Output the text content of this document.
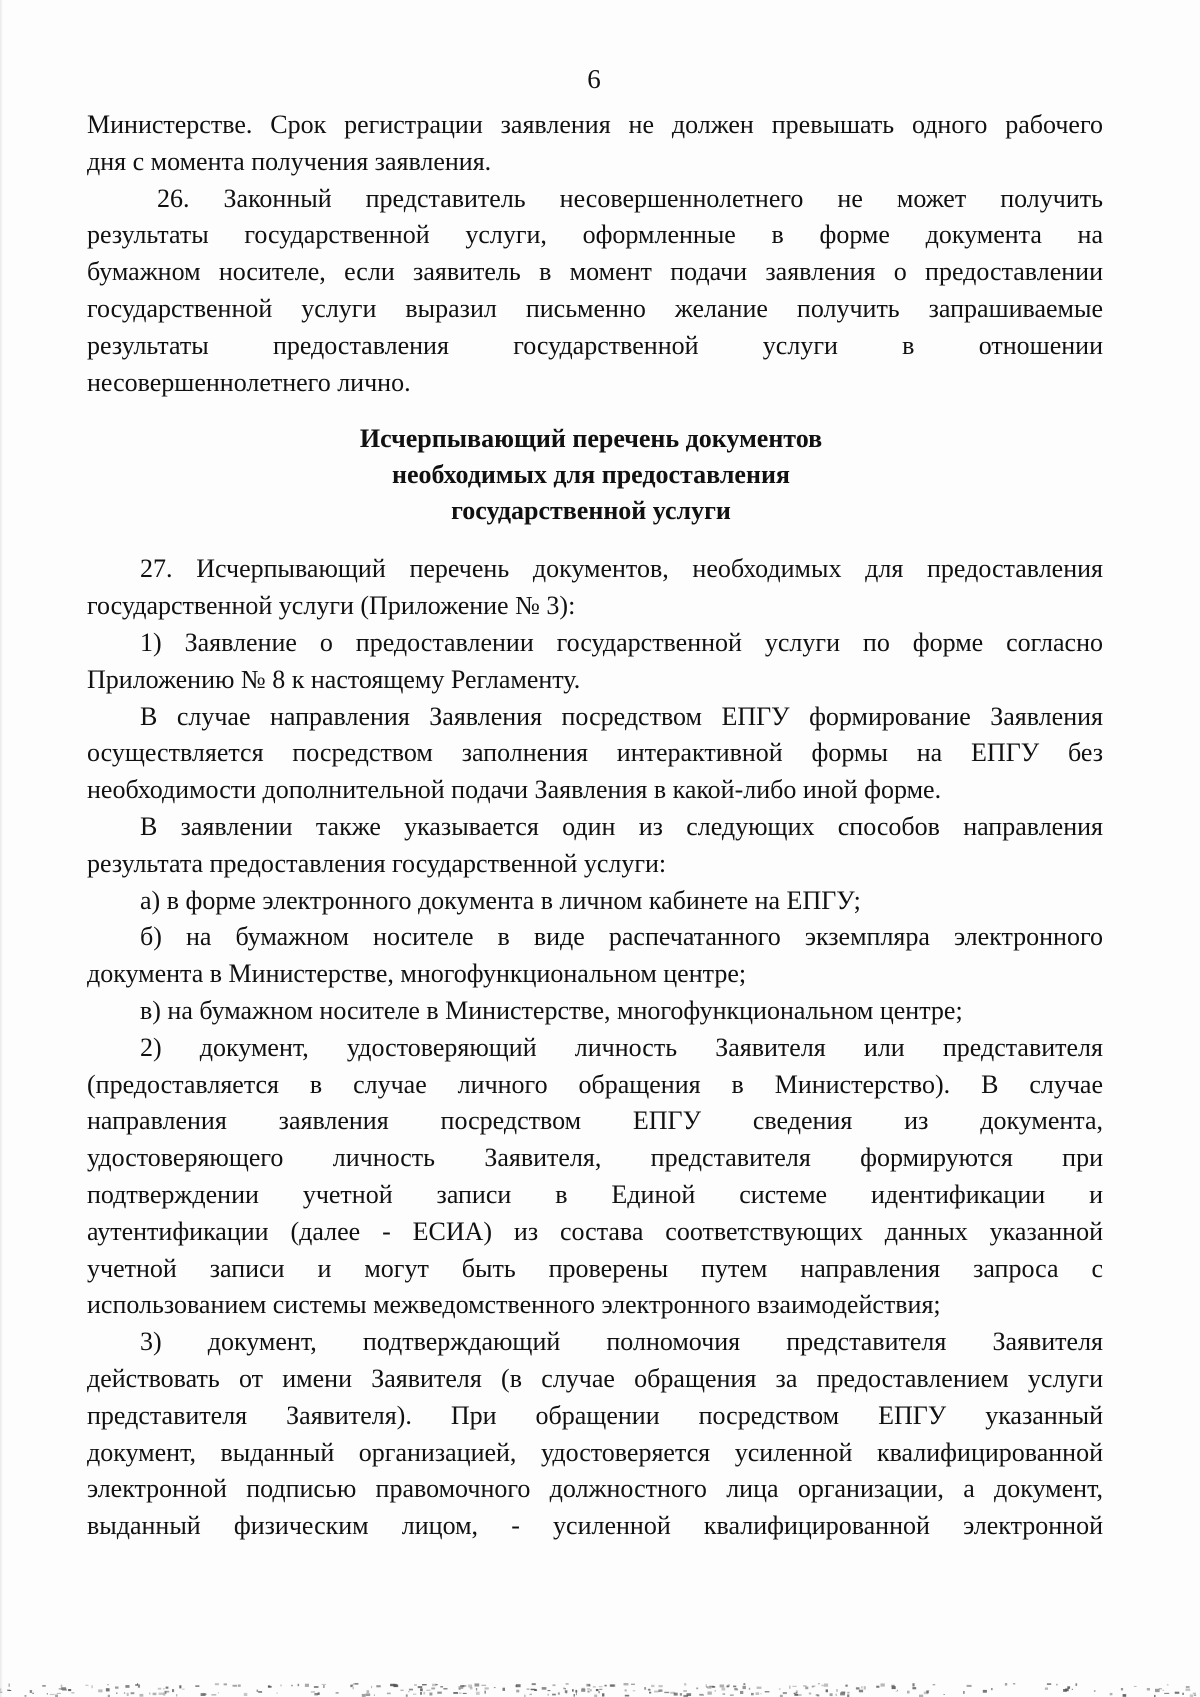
6
Министерстве. Срок регистрации заявления не должен превышать одного рабочего
дня с момента получения заявления.
26. Законный представитель несовершеннолетнего не может получить
результаты государственной услуги, оформленные в форме документа на
бумажном носителе, если заявитель в момент подачи заявления о предоставлении
государственной услуги выразил письменно желание получить запрашиваемые
результаты предоставления государственной услуги в отношении
несовершеннолетнего лично.
Исчерпывающий перечень документов
необходимых для предоставления
государственной услуги
27. Исчерпывающий перечень документов, необходимых для предоставления
государственной услуги (Приложение № 3):
1) Заявление о предоставлении государственной услуги по форме согласно
Приложению № 8 к настоящему Регламенту.
В случае направления Заявления посредством ЕПГУ формирование Заявления
осуществляется посредством заполнения интерактивной формы на ЕПГУ без
необходимости дополнительной подачи Заявления в какой-либо иной форме.
В заявлении также указывается один из следующих способов направления
результата предоставления государственной услуги:
а) в форме электронного документа в личном кабинете на ЕПГУ;
б) на бумажном носителе в виде распечатанного экземпляра электронного
документа в Министерстве, многофункциональном центре;
в) на бумажном носителе в Министерстве, многофункциональном центре;
2) документ, удостоверяющий личность Заявителя или представителя
(предоставляется в случае личного обращения в Министерство). В случае
направления заявления посредством ЕПГУ сведения из документа,
удостоверяющего личность Заявителя, представителя формируются при
подтверждении учетной записи в Единой системе идентификации и
аутентификации (далее - ЕСИА) из состава соответствующих данных указанной
учетной записи и могут быть проверены путем направления запроса с
использованием системы межведомственного электронного взаимодействия;
3) документ, подтверждающий полномочия представителя Заявителя
действовать от имени Заявителя (в случае обращения за предоставлением услуги
представителя Заявителя). При обращении посредством ЕПГУ указанный
документ, выданный организацией, удостоверяется усиленной квалифицированной
электронной подписью правомочного должностного лица организации, а документ,
выданный физическим лицом, - усиленной квалифицированной электронной
